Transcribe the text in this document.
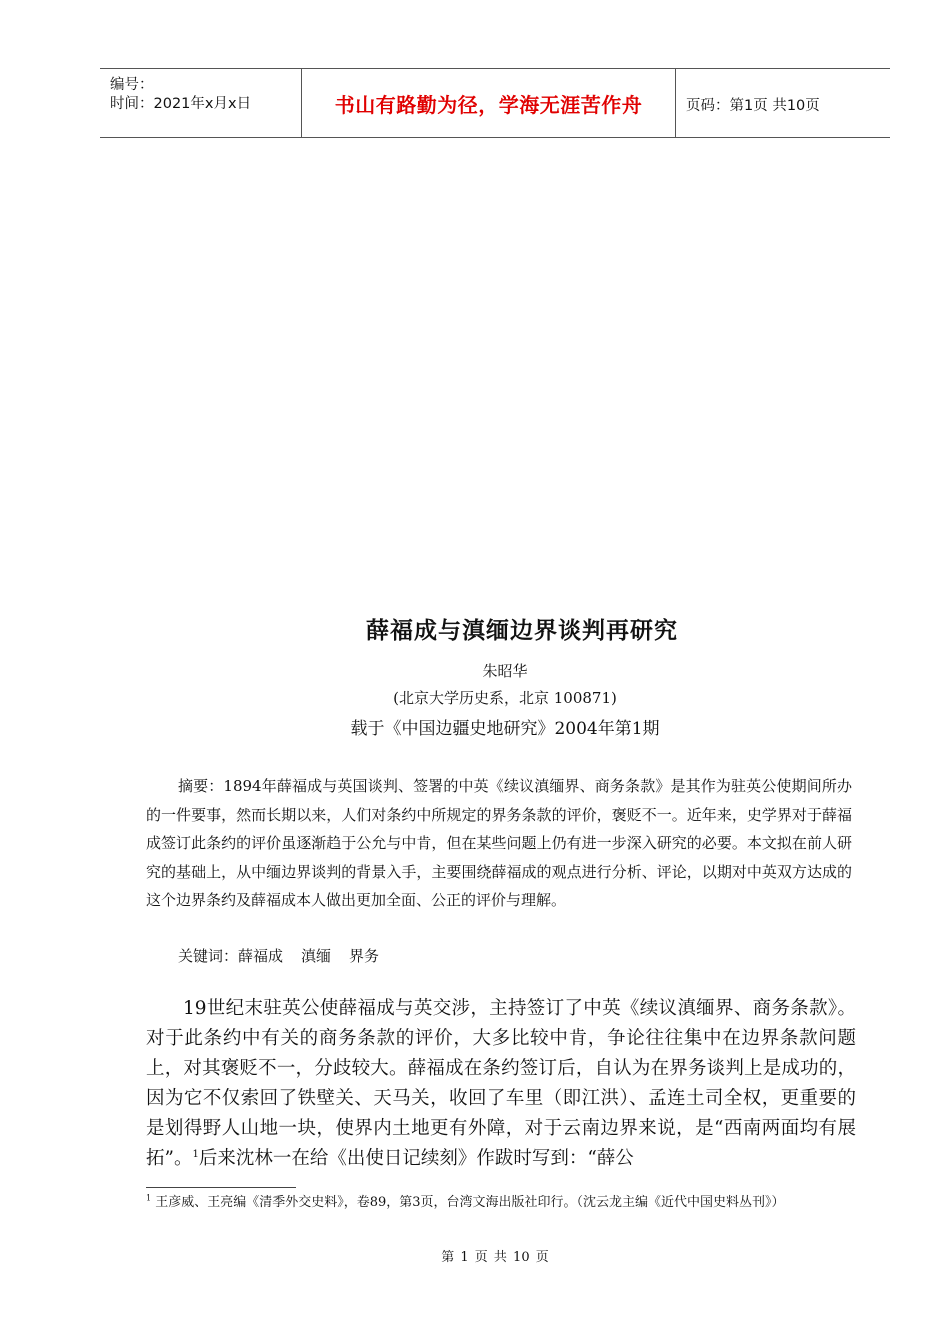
编号：
时间：2021年x月x日	书山有路勤为径，学海无涯苦作舟	页码：第1页 共10页
薛福成与滇缅边界谈判再研究
朱昭华
(北京大学历史系，北京 100871)
载于《中国边疆史地研究》2004年第1期
摘要：1894年薛福成与英国谈判、签署的中英《续议滇缅界、商务条款》是其作为驻英公使期间所办的一件要事，然而长期以来，人们对条约中所规定的界务条款的评价，褒贬不一。近年来，史学界对于薛福成签订此条约的评价虽逐渐趋于公允与中肯，但在某些问题上仍有进一步深入研究的必要。本文拟在前人研究的基础上，从中缅边界谈判的背景入手，主要围绕薛福成的观点进行分析、评论，以期对中英双方达成的这个边界条约及薛福成本人做出更加全面、公正的评价与理解。
关键词：薛福成 滇缅 界务
19世纪末驻英公使薛福成与英交涉，主持签订了中英《续议滇缅界、商务条款》。对于此条约中有关的商务条款的评价，大多比较中肯，争论往往集中在边界条款问题上，对其褒贬不一，分歧较大。薛福成在条约签订后，自认为在界务谈判上是成功的，因为它不仅索回了铁壁关、天马关，收回了车里（即江洪）、孟连土司全权，更重要的是划得野人山地一块，使界内土地更有外障，对于云南边界来说，是“西南两面均有展拓”。$^1$后来沈林一在给《出使日记续刻》作跋时写到：“薛公
$^1$ 王彦威、王亮编《清季外交史料》，卷89，第3页，台湾文海出版社印行。（沈云龙主编《近代中国史料丛刊》）
第 1 页 共 10 页
